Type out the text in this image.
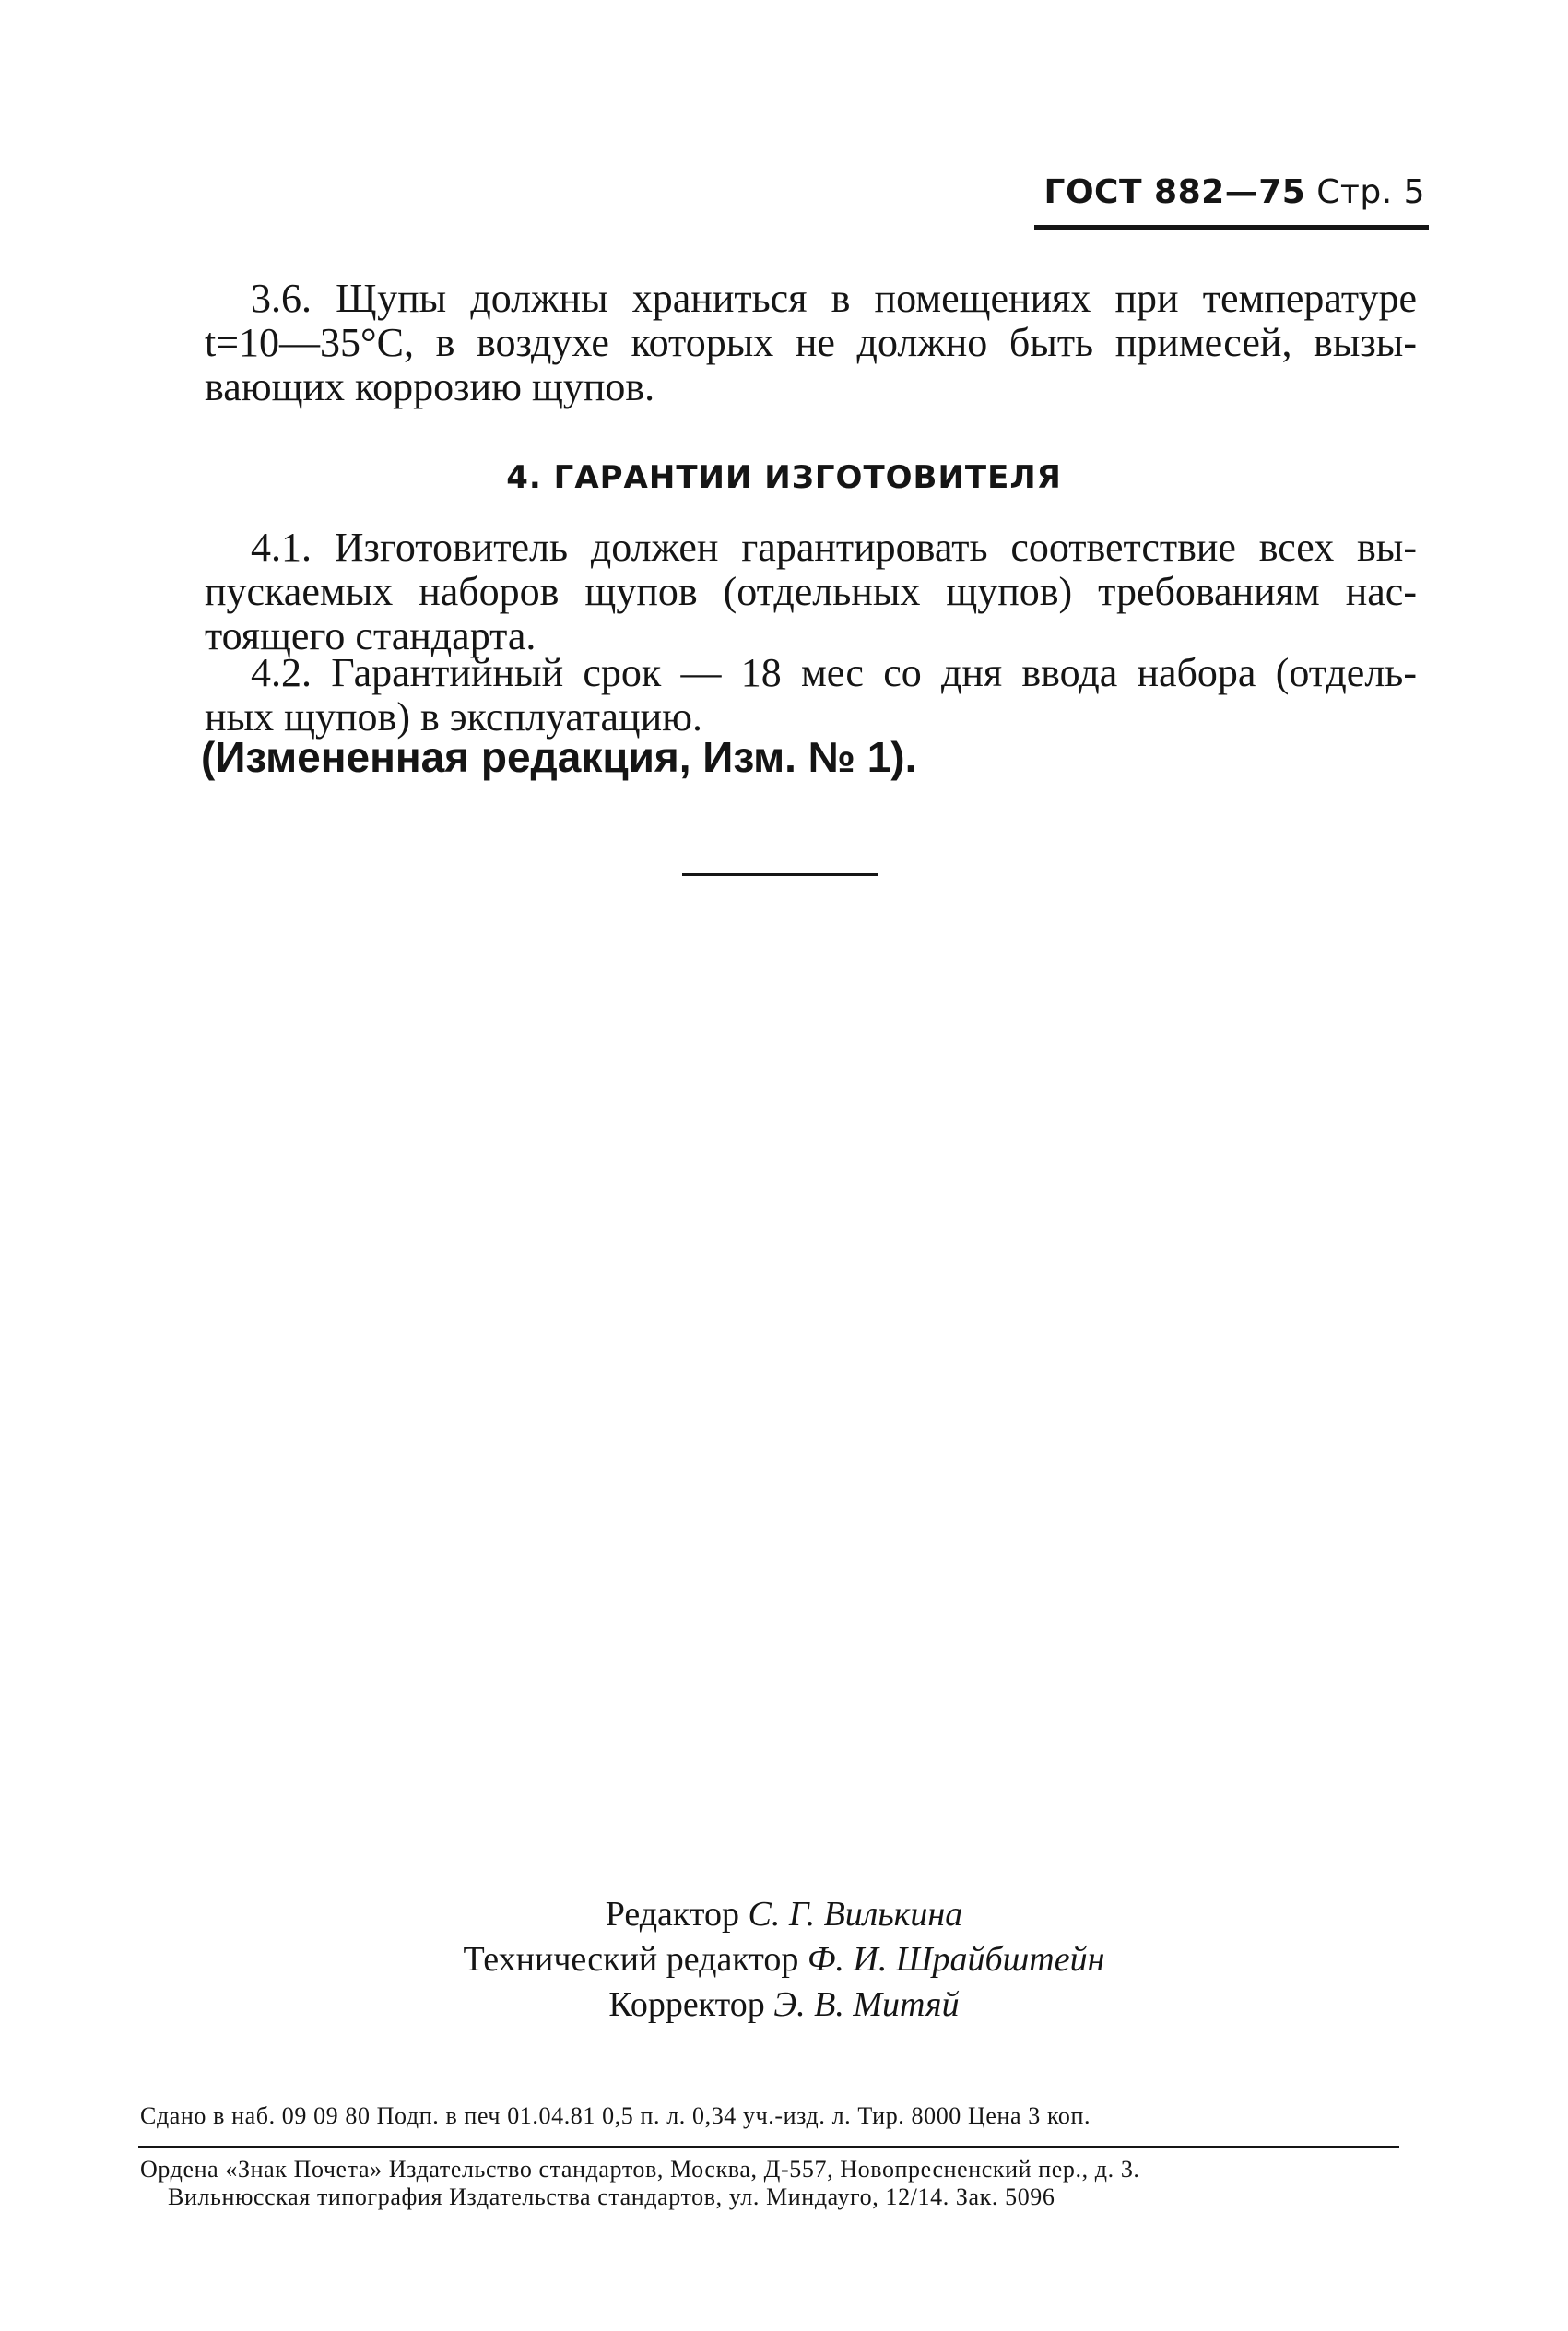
ГОСТ 882—75 Стр. 5
3.6. Щупы должны храниться в помещениях при температуре
t=10—35°С, в воздухе которых не должно быть примесей, вызы-
вающих коррозию щупов.
4. ГАРАНТИИ ИЗГОТОВИТЕЛЯ
4.1. Изготовитель должен гарантировать соответствие всех вы-
пускаемых наборов щупов (отдельных щупов) требованиям нас-
тоящего стандарта.
4.2. Гарантийный срок — 18 мес со дня ввода набора (отдель-
ных щупов) в эксплуатацию.
(Измененная редакция, Изм. № 1).
Редактор С. Г. Вилькина
Технический редактор Ф. И. Шрайбштейн
Корректор Э. В. Митяй
Сдано в наб. 09 09 80 Подп. в печ 01.04.81 0,5 п. л. 0,34 уч.-изд. л. Тир. 8000 Цена 3 коп.
Ордена «Знак Почета» Издательство стандартов, Москва, Д-557, Новопресненский пер., д. 3.
Вильнюсская типография Издательства стандартов, ул. Миндауго, 12/14. Зак. 5096
